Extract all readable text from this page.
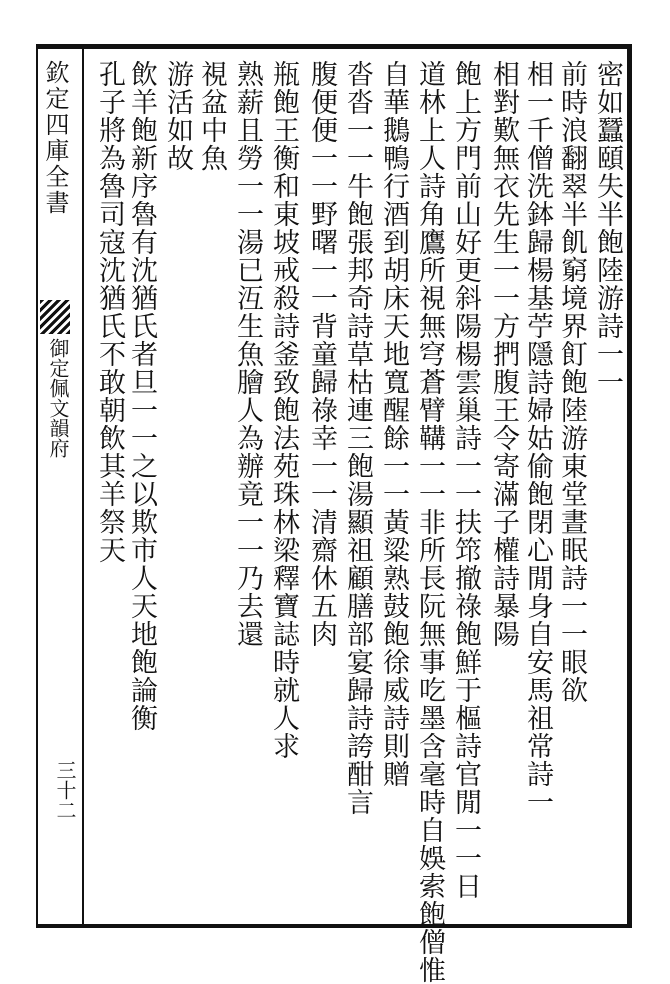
欽定四庫全書
御定佩文韻府
三十二
密如蠶頤失半飽陸游詩一一
前時浪翻翠半飢窮境界飣飽陸游東堂晝眠詩一一眼欲
相一千僧洗鉢歸楊基苧隱詩婦姑偷飽閉心閒身自安馬祖常詩一
相對歎無衣先生一一方捫腹王令寄滿子權詩暴陽
飽上方門前山好更斜陽楊雲巢詩一一扶筇撤祿飽鮮于樞詩官閒一一日
道林上人詩角鷹所視無穹蒼臂鞲一一非所長阮無事吃墨含毫時自娛索飽僧惟
自華鵝鴨行酒到胡床天地寬醒餘一一黃粱熟鼓飽徐威詩則贈
沓沓一一牛飽張邦奇詩草枯連三飽湯顯祖顧膳部宴歸詩誇酣言
腹便便一一野曙一一背童歸祿幸一一清齋休五肉
瓶飽王衡和東坡戒殺詩釜致飽法苑珠林梁釋寶誌時就人求
熟薪且勞一一湯已沍生魚膾人為辦竟一一乃去還
視盆中魚
游活如故
飲羊飽新序魯有沈猶氏者旦一一之以欺市人天地飽論衡
孔子將為魯司寇沈猶氏不敢朝飲其羊祭天
